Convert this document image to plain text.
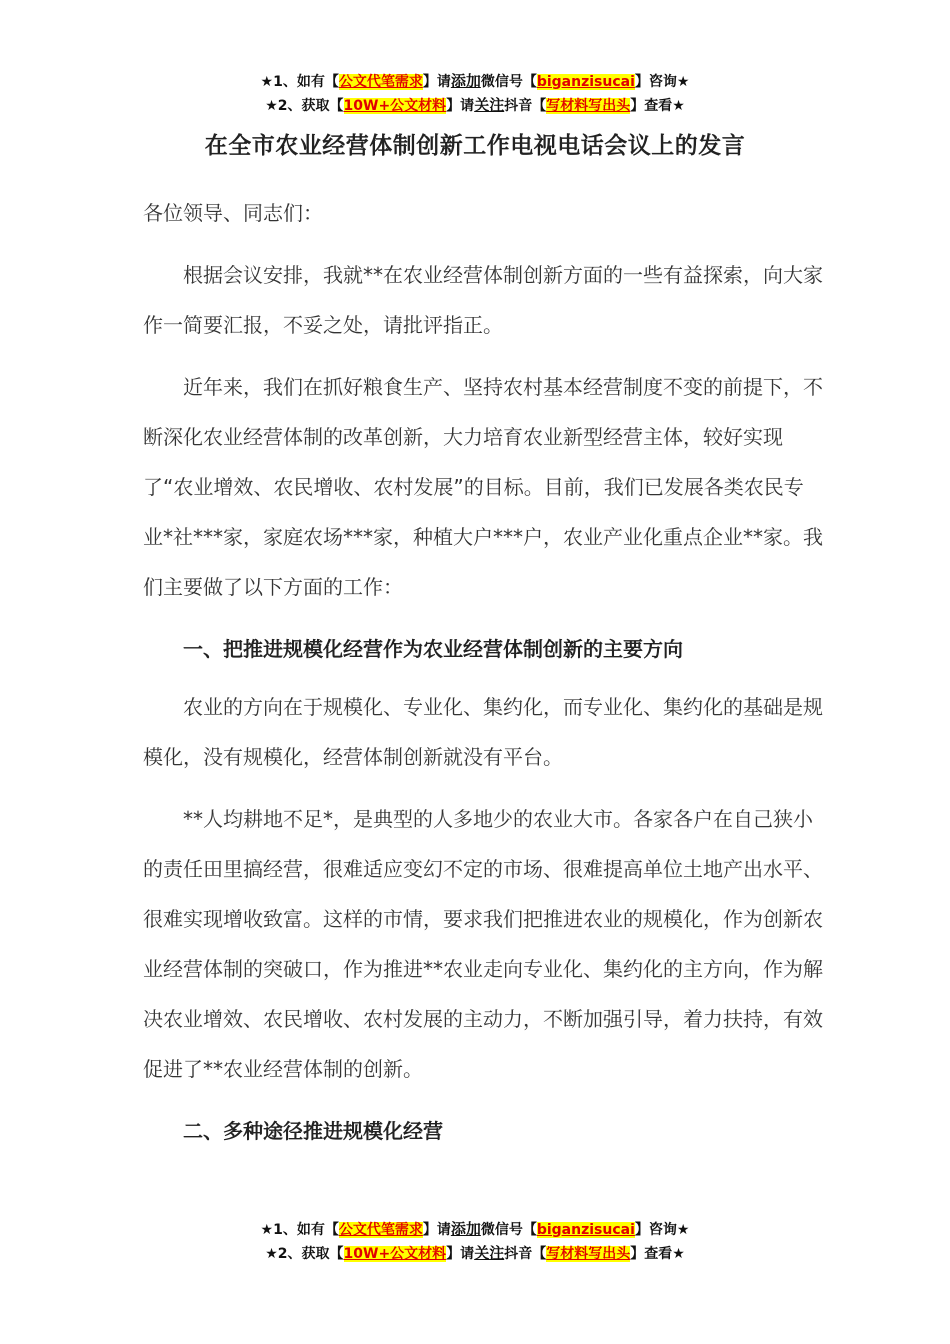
★1、如有【公文代笔需求】请添加微信号【biganzisucai】咨询★
★2、获取【10W+公文材料】请关注抖音【写材料写出头】查看★
在全市农业经营体制创新工作电视电话会议上的发言

各位领导、同志们：

根据会议安排，我就**在农业经营体制创新方面的一些有益探索，向大家作一简要汇报，不妥之处，请批评指正。

近年来，我们在抓好粮食生产、坚持农村基本经营制度不变的前提下，不断深化农业经营体制的改革创新，大力培育农业新型经营主体，较好实现了“农业增效、农民增收、农村发展”的目标。目前，我们已发展各类农民专业*社***家，家庭农场***家，种植大户***户，农业产业化重点企业**家。我们主要做了以下方面的工作：

一、把推进规模化经营作为农业经营体制创新的主要方向

农业的方向在于规模化、专业化、集约化，而专业化、集约化的基础是规模化，没有规模化，经营体制创新就没有平台。

**人均耕地不足*，是典型的人多地少的农业大市。各家各户在自己狭小的责任田里搞经营，很难适应变幻不定的市场、很难提高单位土地产出水平、很难实现增收致富。这样的市情，要求我们把推进农业的规模化，作为创新农业经营体制的突破口，作为推进**农业走向专业化、集约化的主方向，作为解决农业增效、农民增收、农村发展的主动力，不断加强引导，着力扶持，有效促进了**农业经营体制的创新。

二、多种途径推进规模化经营

★1、如有【公文代笔需求】请添加微信号【biganzisucai】咨询★
★2、获取【10W+公文材料】请关注抖音【写材料写出头】查看★
